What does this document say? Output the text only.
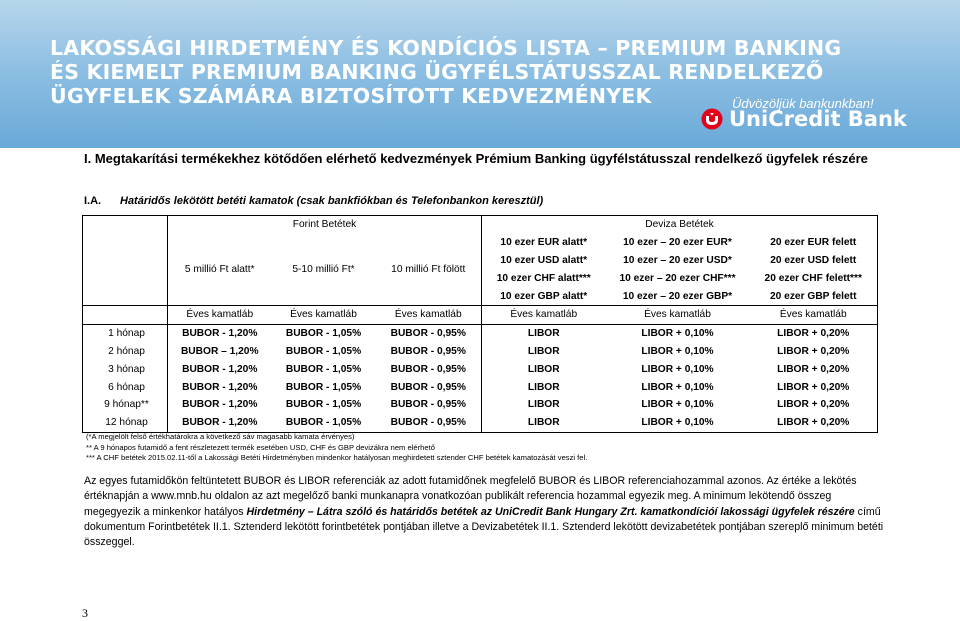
LAKOSSÁGI HIRDETMÉNY ÉS KONDÍCIÓS LISTA – PREMIUM BANKING
ÉS KIEMELT PREMIUM BANKING ÜGYFÉLSTÁTUSSZAL RENDELKEZŐ
ÜGYFELEK SZÁMÁRA BIZTOSÍTOTT KEDVEZMÉNYEK	Üdvözöljük bankunkban!
UniCredit Bank
I. Megtakarítási termékekhez kötődően elérhető kedvezmények Prémium Banking ügyfélstátusszal rendelkező ügyfelek részére
I.A. Határidős lekötött betéti kamatok (csak bankfiókban és Telefonbankon keresztül)
	Forint Betétek			Deviza Betétek		
	5 millió Ft alatt*	5-10 millió Ft*	10 millió Ft fölött	10 ezer EUR alatt*	10 ezer – 20 ezer EUR*	20 ezer EUR felett
				10 ezer USD alatt*	10 ezer – 20 ezer USD*	20 ezer USD felett
				10 ezer CHF alatt***	10 ezer – 20 ezer CHF***	20 ezer CHF felett***
				10 ezer GBP alatt*	10 ezer – 20 ezer GBP*	20 ezer GBP felett
	Éves kamatláb	Éves kamatláb	Éves kamatláb	Éves kamatláb	Éves kamatláb	Éves kamatláb
1 hónap	BUBOR - 1,20%	BUBOR - 1,05%	BUBOR - 0,95%	LIBOR	LIBOR + 0,10%	LIBOR + 0,20%
2 hónap	BUBOR – 1,20%	BUBOR - 1,05%	BUBOR - 0,95%	LIBOR	LIBOR + 0,10%	LIBOR + 0,20%
3 hónap	BUBOR - 1,20%	BUBOR - 1,05%	BUBOR - 0,95%	LIBOR	LIBOR + 0,10%	LIBOR + 0,20%
6 hónap	BUBOR - 1,20%	BUBOR - 1,05%	BUBOR - 0,95%	LIBOR	LIBOR + 0,10%	LIBOR + 0,20%
9 hónap**	BUBOR - 1,20%	BUBOR - 1,05%	BUBOR - 0,95%	LIBOR	LIBOR + 0,10%	LIBOR + 0,20%
12 hónap	BUBOR - 1,20%	BUBOR - 1,05%	BUBOR - 0,95%	LIBOR	LIBOR + 0,10%	LIBOR + 0,20%
(*A megjelölt felső értékhatárokra a következő sáv magasabb kamata érvényes)
** A 9 hónapos futamidő a fent részletezett termék esetében USD, CHF és GBP devizákra nem elérhető
*** A CHF betétek 2015.02.11-től a Lakossági Betéti Hirdetményben mindenkor hatályosan meghirdetett sztender CHF betétek kamatozását veszi fel.
Az egyes futamidőkön feltüntetett BUBOR és LIBOR referenciák az adott futamidőnek megfelelő BUBOR és LIBOR referenciahozammal azonos. Az értéke a lekötés értéknapján a www.mnb.hu oldalon az azt megelőző banki munkanapra vonatkozóan publikált referencia hozammal egyezik meg. A minimum lekötendő összeg megegyezik a minkenkor hatályos Hirdetmény – Látra szóló és határidős betétek az UniCredit Bank Hungary Zrt. kamatkondícióí lakossági ügyfelek részére című dokumentum Forintbetétek II.1. Sztenderd lekötött forintbetétek pontjában illetve a Devizabetétek II.1. Sztenderd lekötött devizabetétek pontjában szereplő minimum betéti összeggel.
3
